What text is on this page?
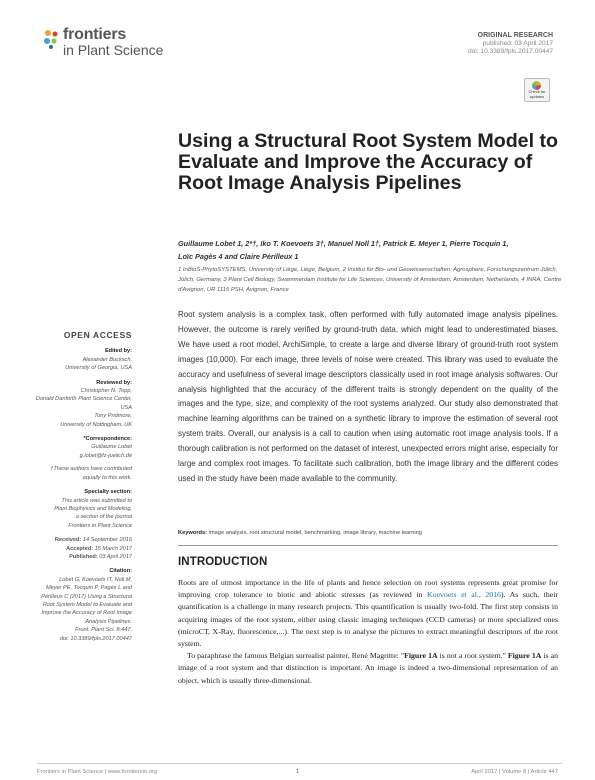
frontiers
in Plant Science
ORIGINAL RESEARCH
published: 03 April 2017
doi: 10.3389/fpls.2017.00447
Check for updates
Using a Structural Root System Model to Evaluate and Improve the Accuracy of Root Image Analysis Pipelines
Guillaume Lobet 1, 2*†, Iko T. Koevoets 3†, Manuel Noll 1†, Patrick E. Meyer 1, Pierre Tocquin 1,
Loïc Pagès 4 and Claire Périlleux 1
1 InBioS-PhytoSYSTEMS, University of Liège, Liège, Belgium, 2 Institut für Bio- und Geowissenschaften: Agrosphere, Forschungszentrum Jülich, Jülich, Germany, 3 Plant Cell Biology, Swammerdam Institute for Life Sciences, University of Amsterdam, Amsterdam, Netherlands, 4 INRA, Centre d'Avignon, UR 1115 PSH, Avignon, France
Root system analysis is a complex task, often performed with fully automated image analysis pipelines. However, the outcome is rarely verified by ground-truth data, which might lead to underestimated biases. We have used a root model, ArchiSimple, to create a large and diverse library of ground-truth root system images (10,000). For each image, three levels of noise were created. This library was used to evaluate the accuracy and usefulness of several image descriptors classically used in root image analysis softwares. Our analysis highlighted that the accuracy of the different traits is strongly dependent on the quality of the images and the type, size, and complexity of the root systems analyzed. Our study also demonstrated that machine learning algorithms can be trained on a synthetic library to improve the estimation of several root system traits. Overall, our analysis is a call to caution when using automatic root image analysis tools. If a thorough calibration is not performed on the dataset of interest, unexpected errors might arise, especially for large and complex root images. To facilitate such calibration, both the image library and the different codes used in the study have been made available to the community.
Keywords: image analysis, root structural model, benchmarking, image library, machine learning
INTRODUCTION

Roots are of utmost importance in the life of plants and hence selection on root systems represents great promise for improving crop tolerance to biotic and abiotic stresses (as reviewed in Koevoets et al., 2016). As such, their quantification is a challenge in many research projects. This quantification is usually two-fold. The first step consists in acquiring images of the root system, either using classic imaging techniques (CCD cameras) or more specialized ones (microCT, X-Ray, fluorescence,...). The next step is to analyse the pictures to extract meaningful descriptors of the root system.

To paraphrase the famous Belgian surrealist painter, René Magritte: "Figure 1A is not a root system." Figure 1A is an image of a root system and that distinction is important. An image is indeed a two-dimensional representation of an object, which is usually three-dimensional.

OPEN ACCESS
Edited by:
Alexander Bucksch,
University of Georgia, USA
Reviewed by:
Christopher N. Topp,
Donald Danforth Plant Science Center,
USA
Tony Pridmore,
University of Nottingham, UK
*Correspondence:
Guillaume Lobet
g.lobet@fz-juelich.de
†These authors have contributed
equally to this work.
Specialty section:
This article was submitted to
Plant Biophysics and Modeling,
a section of the journal
Frontiers in Plant Science
Received: 14 September 2016
Accepted: 15 March 2017
Published: 03 April 2017
Citation:
Lobet G, Koevoets IT, Noll M,
Meyer PE, Tocquin P, Pagès L and
Périlleux C (2017) Using a Structural
Root System Model to Evaluate and
Improve the Accuracy of Root Image
Analysis Pipelines.
Front. Plant Sci. 8:447.
doi: 10.3389/fpls.2017.00447
Frontiers in Plant Science | www.frontiersin.org	1	April 2017 | Volume 8 | Article 447
